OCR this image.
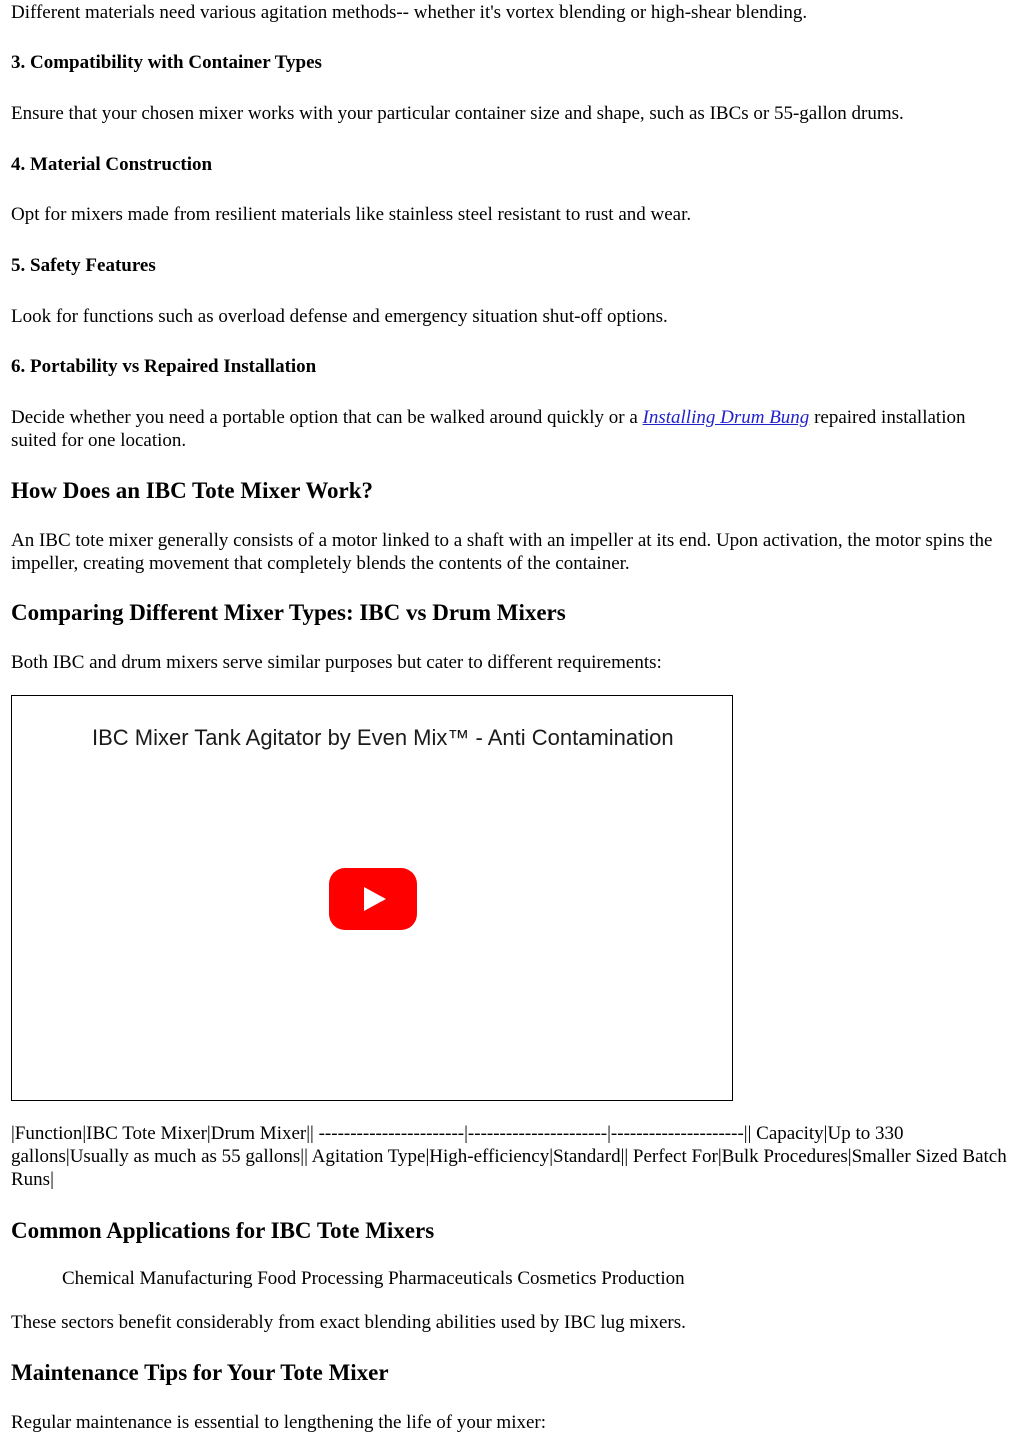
Different materials need various agitation methods-- whether it's vortex blending or high-shear blending.

3. Compatibility with Container Types

Ensure that your chosen mixer works with your particular container size and shape, such as IBCs or 55-gallon drums.

4. Material Construction

Opt for mixers made from resilient materials like stainless steel resistant to rust and wear.

5. Safety Features

Look for functions such as overload defense and emergency situation shut-off options.

6. Portability vs Repaired Installation

Decide whether you need a portable option that can be walked around quickly or a Installing Drum Bung repaired installation suited for one location.

How Does an IBC Tote Mixer Work?

An IBC tote mixer generally consists of a motor linked to a shaft with an impeller at its end. Upon activation, the motor spins the impeller, creating movement that completely blends the contents of the container.

Comparing Different Mixer Types: IBC vs Drum Mixers

Both IBC and drum mixers serve similar purposes but cater to different requirements:

IBC Mixer Tank Agitator by Even Mix™ - Anti Contamination

|Function|IBC Tote Mixer|Drum Mixer|| -----------------------|----------------------|---------------------|| Capacity|Up to 330 gallons|Usually as much as 55 gallons|| Agitation Type|High-efficiency|Standard|| Perfect For|Bulk Procedures|Smaller Sized Batch Runs|

Common Applications for IBC Tote Mixers

Chemical Manufacturing Food Processing Pharmaceuticals Cosmetics Production

These sectors benefit considerably from exact blending abilities used by IBC lug mixers.

Maintenance Tips for Your Tote Mixer

Regular maintenance is essential to lengthening the life of your mixer:
